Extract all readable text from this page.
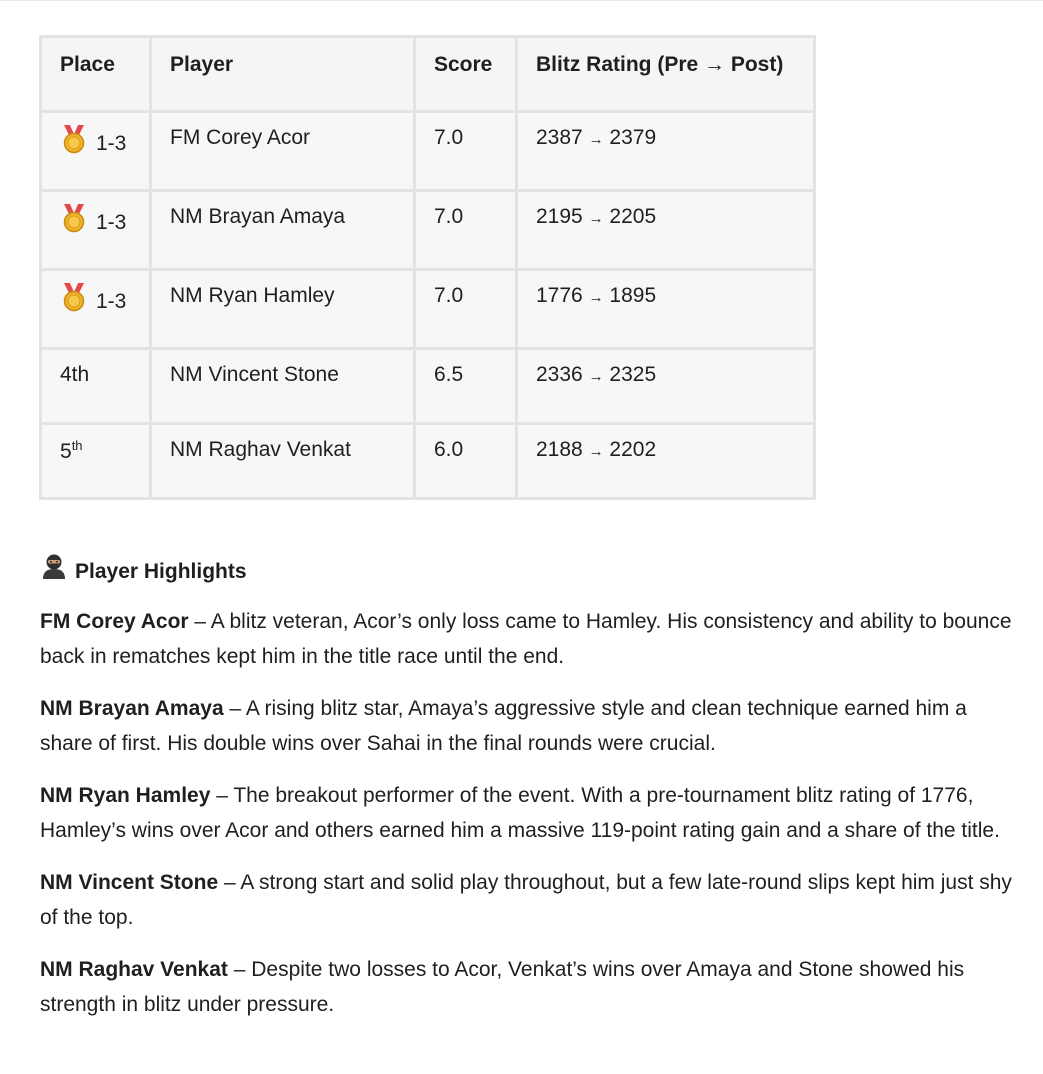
Place	Player	Score	Blitz Rating (Pre → Post)
1-3	FM Corey Acor	7.0	2387 → 2379
1-3	NM Brayan Amaya	7.0	2195 → 2205
1-3	NM Ryan Hamley	7.0	1776 → 1895
4th	NM Vincent Stone	6.5	2336 → 2325
5th	NM Raghav Venkat	6.0	2188 → 2202
Player Highlights

FM Corey Acor – A blitz veteran, Acor’s only loss came to Hamley. His consistency and ability to bounce back in rematches kept him in the title race until the end.

NM Brayan Amaya – A rising blitz star, Amaya’s aggressive style and clean technique earned him a share of first. His double wins over Sahai in the final rounds were crucial.

NM Ryan Hamley – The breakout performer of the event. With a pre-tournament blitz rating of 1776, Hamley’s wins over Acor and others earned him a massive 119-point rating gain and a share of the title.

NM Vincent Stone – A strong start and solid play throughout, but a few late-round slips kept him just shy of the top.

NM Raghav Venkat – Despite two losses to Acor, Venkat’s wins over Amaya and Stone showed his strength in blitz under pressure.
